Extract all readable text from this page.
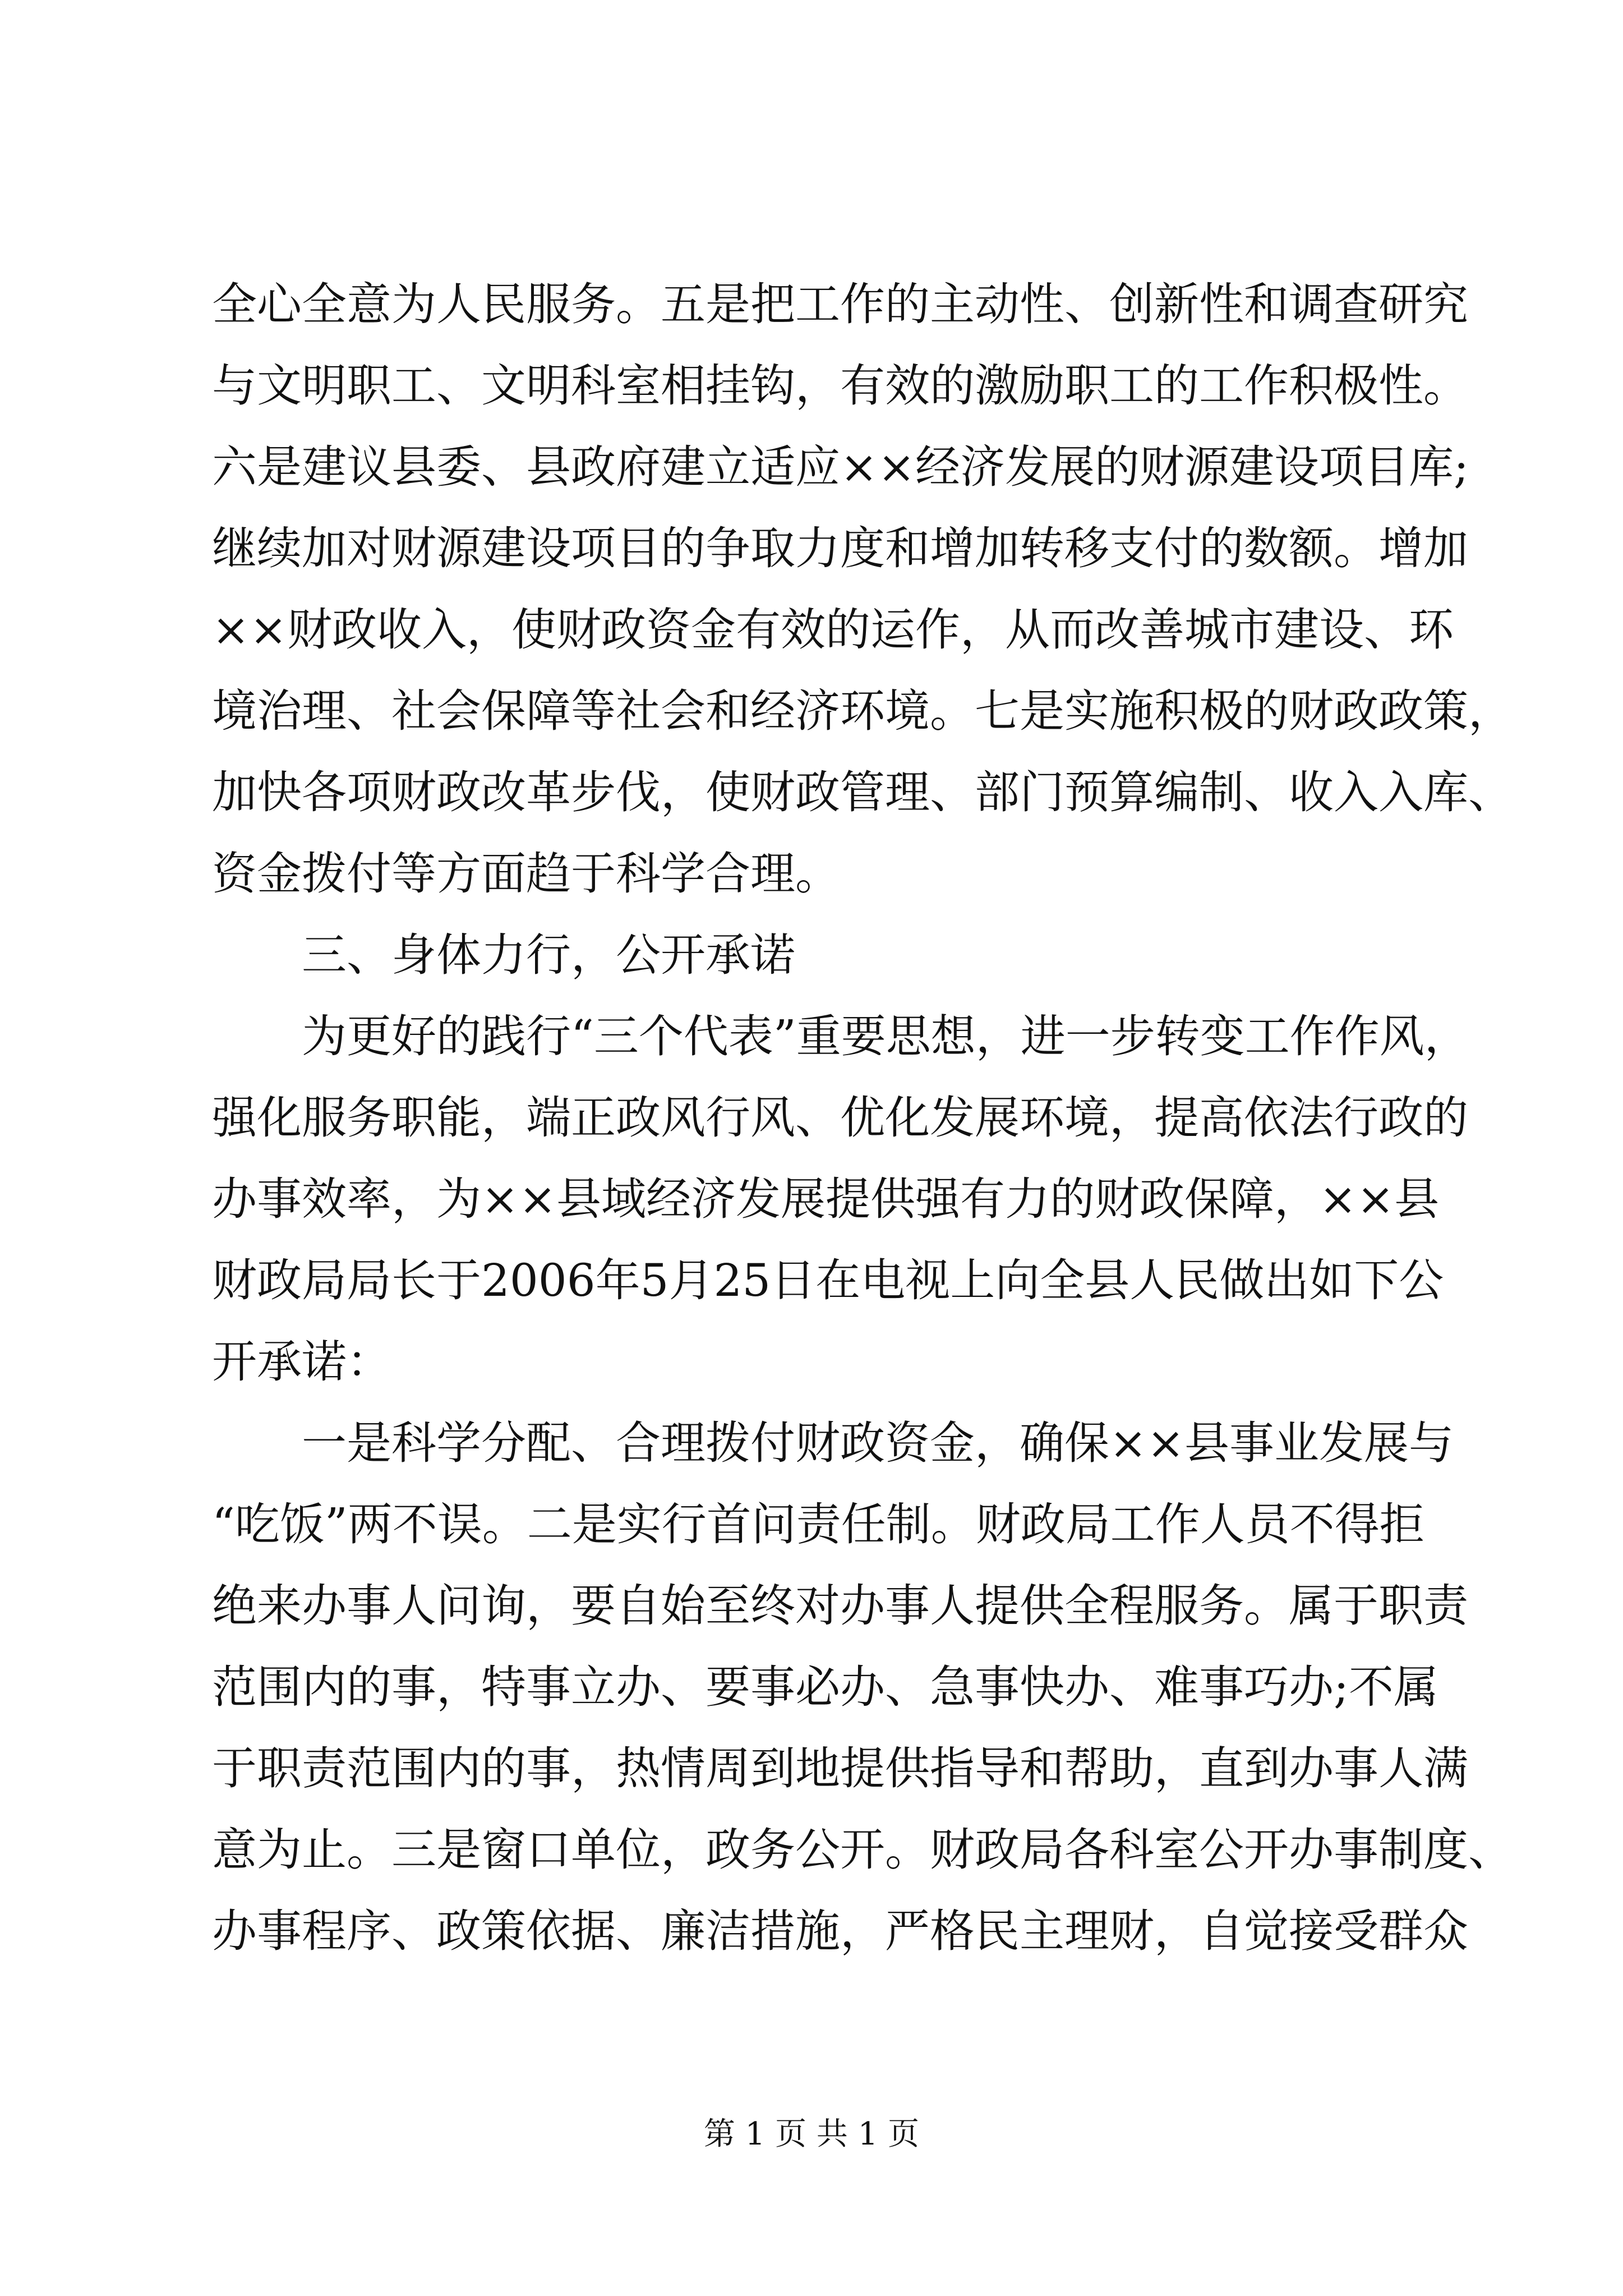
全心全意为人民服务。五是把工作的主动性、创新性和调查研究
与文明职工、文明科室相挂钩，有效的激励职工的工作积极性。
六是建议县委、县政府建立适应××经济发展的财源建设项目库;
继续加对财源建设项目的争取力度和增加转移支付的数额。增加
××财政收入，使财政资金有效的运作，从而改善城市建设、环
境治理、社会保障等社会和经济环境。七是实施积极的财政政策，
加快各项财政改革步伐，使财政管理、部门预算编制、收入入库、
资金拨付等方面趋于科学合理。
三、身体力行，公开承诺
为更好的践行“三个代表”重要思想，进一步转变工作作风，
强化服务职能，端正政风行风、优化发展环境，提高依法行政的
办事效率，为××县域经济发展提供强有力的财政保障，××县
财政局局长于2006年5月25日在电视上向全县人民做出如下公
开承诺：
一是科学分配、合理拨付财政资金，确保××县事业发展与
“吃饭”两不误。二是实行首问责任制。财政局工作人员不得拒
绝来办事人问询，要自始至终对办事人提供全程服务。属于职责
范围内的事，特事立办、要事必办、急事快办、难事巧办;不属
于职责范围内的事，热情周到地提供指导和帮助，直到办事人满
意为止。三是窗口单位，政务公开。财政局各科室公开办事制度、
办事程序、政策依据、廉洁措施，严格民主理财，自觉接受群众
第 1 页 共 1 页
